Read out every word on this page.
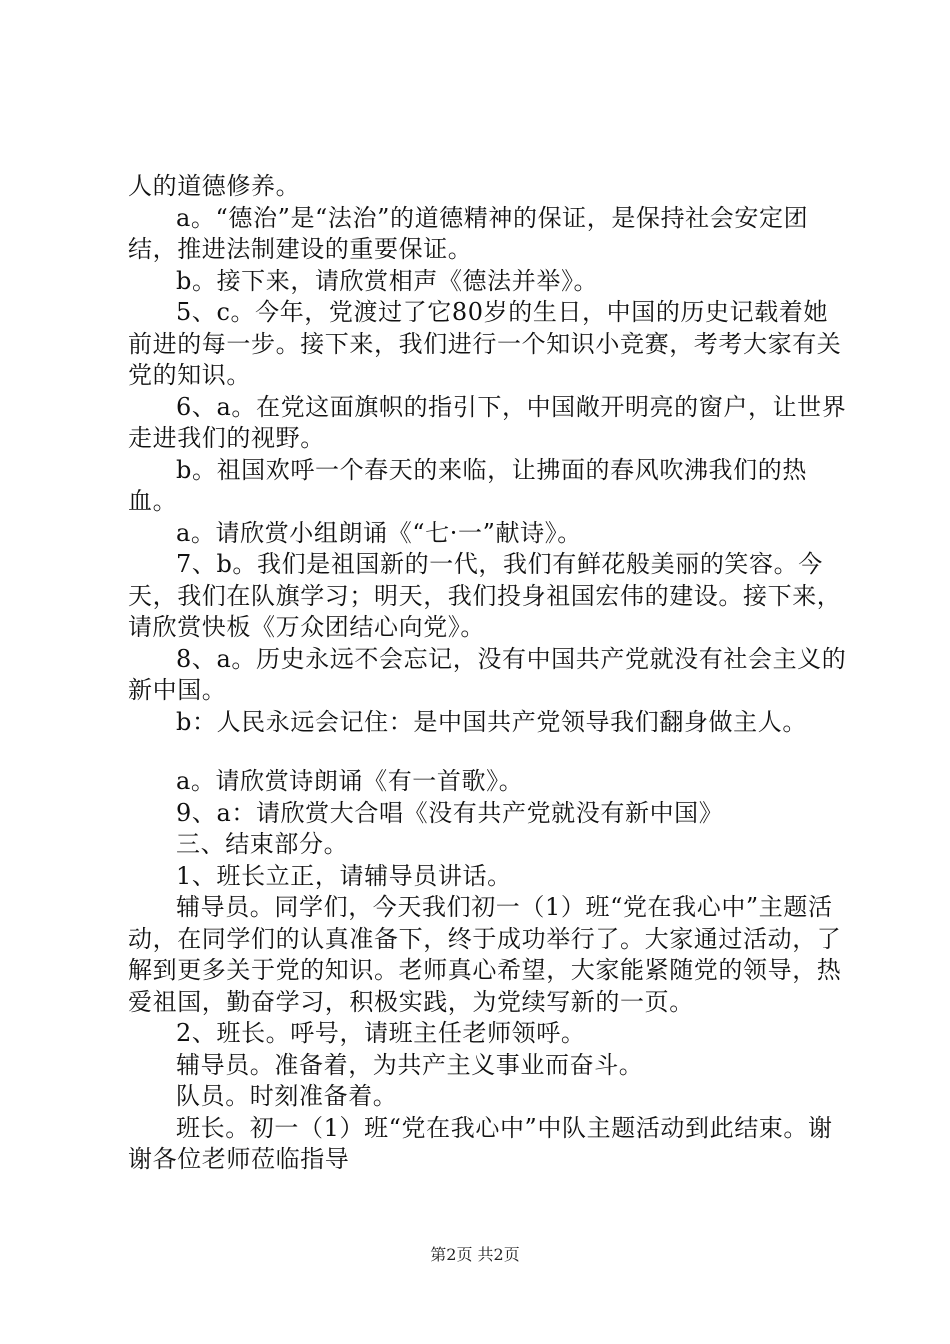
人的道德修养。

a。“德治”是“法治”的道德精神的保证，是保持社会安定团结，推进法制建设的重要保证。

b。接下来，请欣赏相声《德法并举》。

5、c。今年，党渡过了它80岁的生日，中国的历史记载着她前进的每一步。接下来，我们进行一个知识小竞赛，考考大家有关党的知识。

6、a。在党这面旗帜的指引下，中国敞开明亮的窗户，让世界走进我们的视野。

b。祖国欢呼一个春天的来临，让拂面的春风吹沸我们的热血。

a。请欣赏小组朗诵《“七·一”献诗》。

7、b。我们是祖国新的一代，我们有鲜花般美丽的笑容。今天，我们在队旗学习；明天，我们投身祖国宏伟的建设。接下来，请欣赏快板《万众团结心向党》。

8、a。历史永远不会忘记，没有中国共产党就没有社会主义的新中国。

b：人民永远会记住：是中国共产党领导我们翻身做主人。

a。请欣赏诗朗诵《有一首歌》。

9、a：请欣赏大合唱《没有共产党就没有新中国》

三、结束部分。

1、班长立正，请辅导员讲话。

辅导员。同学们，今天我们初一（1）班“党在我心中”主题活动，在同学们的认真准备下，终于成功举行了。大家通过活动，了解到更多关于党的知识。老师真心希望，大家能紧随党的领导，热爱祖国，勤奋学习，积极实践，为党续写新的一页。

2、班长。呼号，请班主任老师领呼。

辅导员。准备着，为共产主义事业而奋斗。

队员。时刻准备着。

班长。初一（1）班“党在我心中”中队主题活动到此结束。谢谢各位老师莅临指导

第2页 共2页
